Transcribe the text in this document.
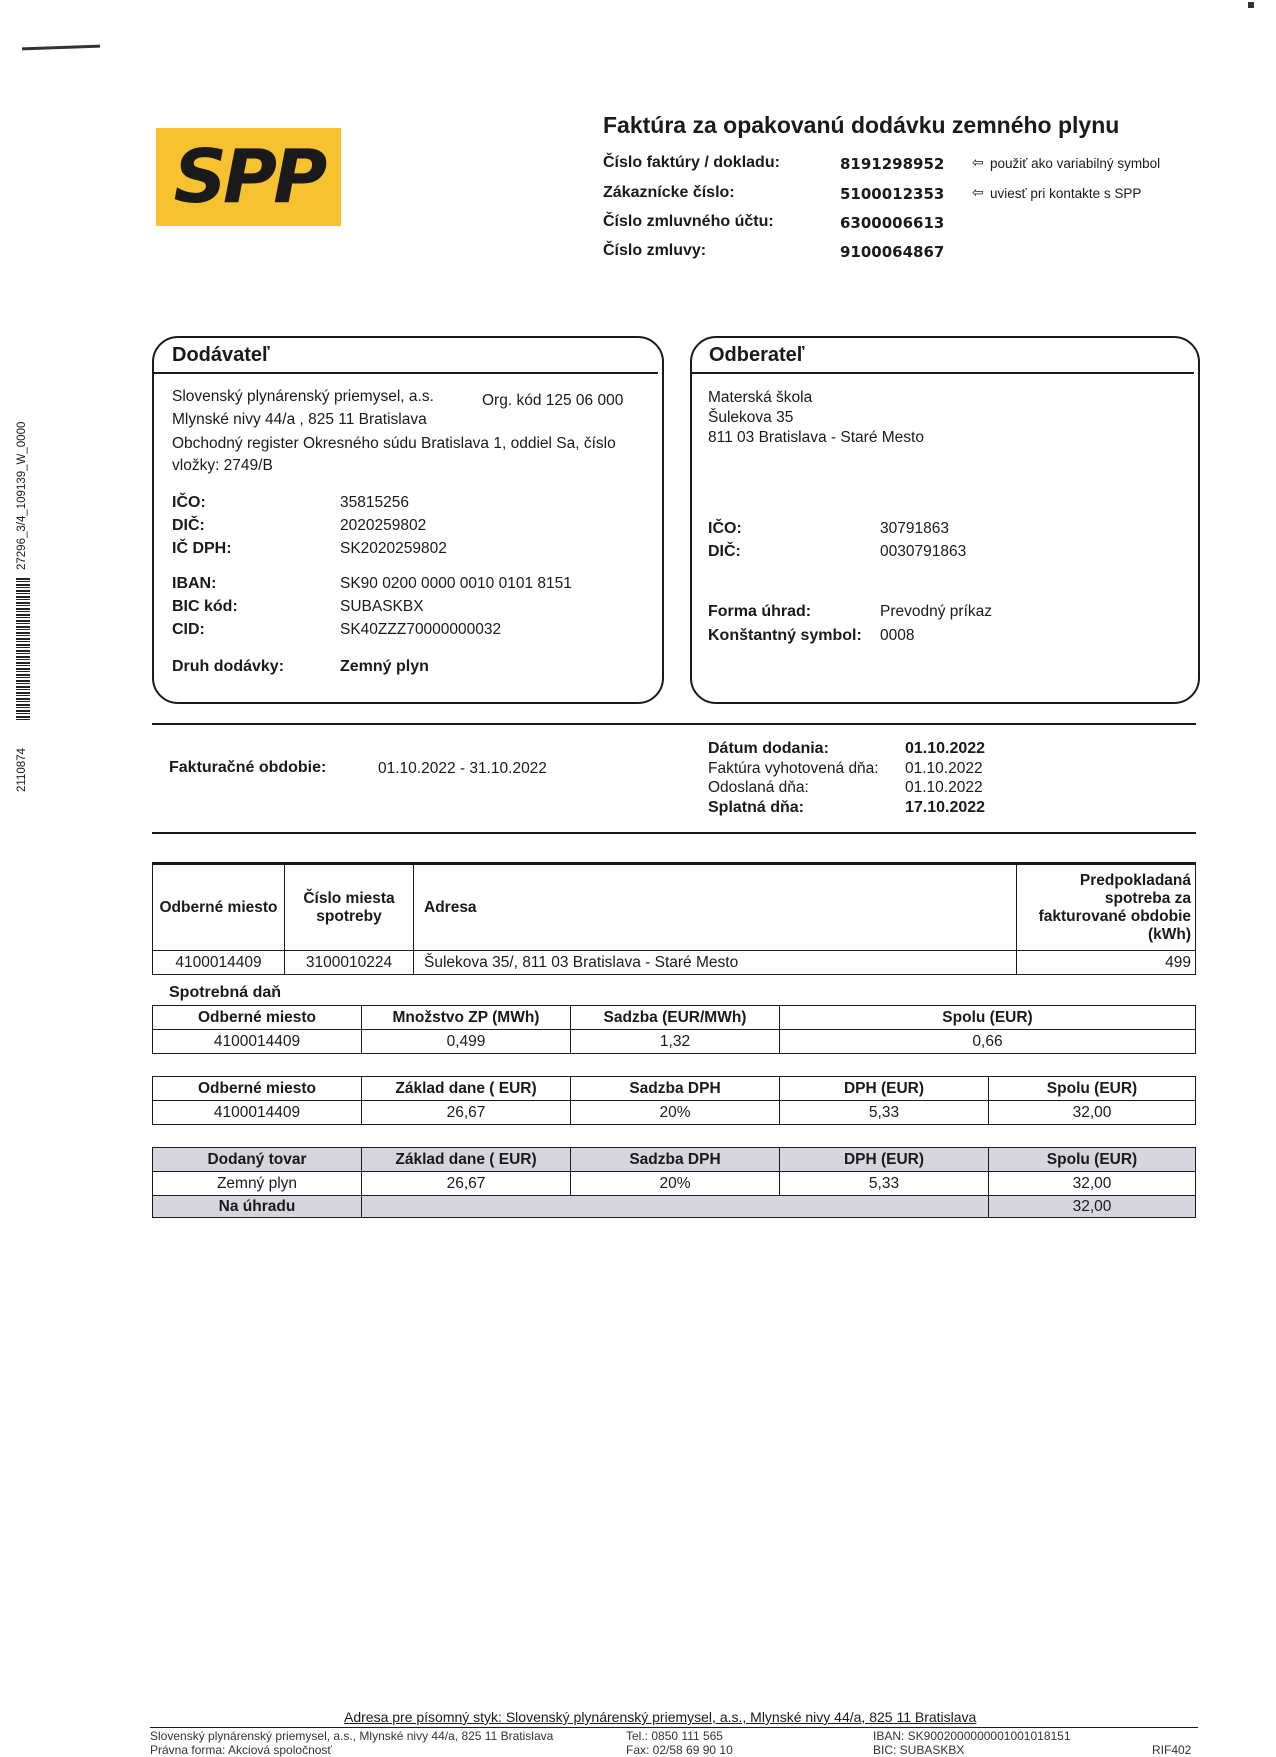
27296_3/4_109139_W_0000
2110874
SPP
Faktúra za opakovanú dodávku zemného plynu
Číslo faktúry / dokladu:	8191298952 ⇦ použiť ako variabilný symbol
Zákaznícke číslo:	5100012353 ⇦ uviesť pri kontakte s SPP
Číslo zmluvného účtu:	6300006613
Číslo zmluvy:	9100064867
Dodávateľ
Slovenský plynárenský priemysel, a.s.	Org. kód 125 06 000
Mlynské nivy 44/a , 825 11 Bratislava
Obchodný register Okresného súdu Bratislava 1, oddiel Sa, číslo vložky: 2749/B
IČO:	35815256
DIČ:	2020259802
IČ DPH:	SK2020259802
IBAN:	SK90 0200 0000 0010 0101 8151
BIC kód:	SUBASKBX
CID:	SK40ZZZ70000000032
Druh dodávky:	Zemný plyn
Odberateľ
Materská škola
Šulekova 35
811 03 Bratislava - Staré Mesto
IČO:	30791863
DIČ:	0030791863
Forma úhrad:	Prevodný príkaz
Konštantný symbol: 0008
Fakturačné obdobie:	01.10.2022 - 31.10.2022
Dátum dodania:	01.10.2022
Faktúra vyhotovená dňa: 01.10.2022
Odoslaná dňa:	01.10.2022
Splatná dňa:	17.10.2022
Odberné miesto	Číslo miesta spotreby	Adresa	Predpokladaná spotreba za fakturované obdobie (kWh)
4100014409	3100010224	Šulekova 35/, 811 03 Bratislava - Staré Mesto	499
Spotrebná daň
Odberné miesto	Množstvo ZP (MWh)	Sadzba (EUR/MWh)	Spolu (EUR)
4100014409	0,499	1,32	0,66
Odberné miesto	Základ dane ( EUR)	Sadzba DPH	DPH (EUR)	Spolu (EUR)
4100014409	26,67	20%	5,33	32,00
Dodaný tovar	Základ dane ( EUR)	Sadzba DPH	DPH (EUR)	Spolu (EUR)
Zemný plyn	26,67	20%	5,33	32,00
Na úhradu				32,00
Adresa pre písomný styk: Slovenský plynárenský priemysel, a.s., Mlynské nivy 44/a, 825 11 Bratislava
Slovenský plynárenský priemysel, a.s., Mlynské nivy 44/a, 825 11 Bratislava
Právna forma: Akciová spoločnosť
Tel.: 0850 111 565
Fax: 02/58 69 90 10
IBAN: SK9002000000001001018151
BIC: SUBASKBX	RIF402
